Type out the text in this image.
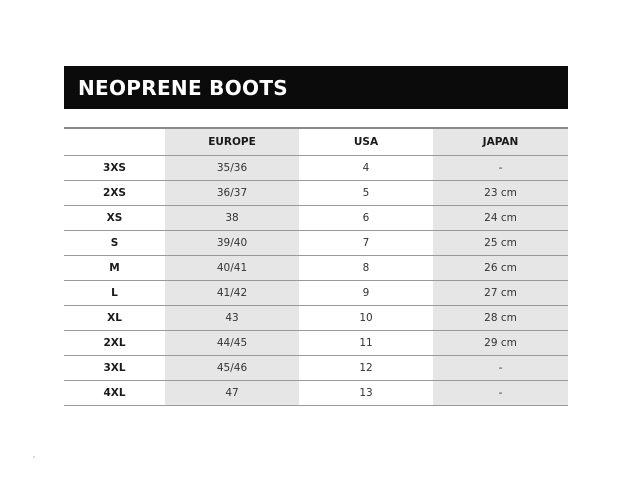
NEOPRENE BOOTS
	EUROPE	USA	JAPAN
3XS	35/36	4	-
2XS	36/37	5	23 cm
XS	38	6	24 cm
S	39/40	7	25 cm
M	40/41	8	26 cm
L	41/42	9	27 cm
XL	43	10	28 cm
2XL	44/45	11	29 cm
3XL	45/46	12	-
4XL	47	13	-
